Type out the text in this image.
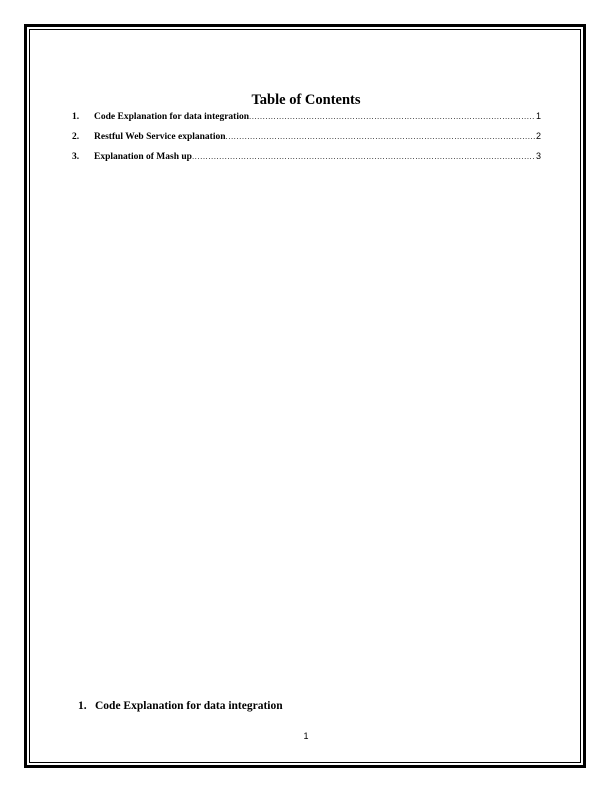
Table of Contents
1.	Code Explanation for data integration .....	1
2.	Restful Web Service explanation .....	2
3.	Explanation of Mash up .....	3
1. Code Explanation for data integration
1
